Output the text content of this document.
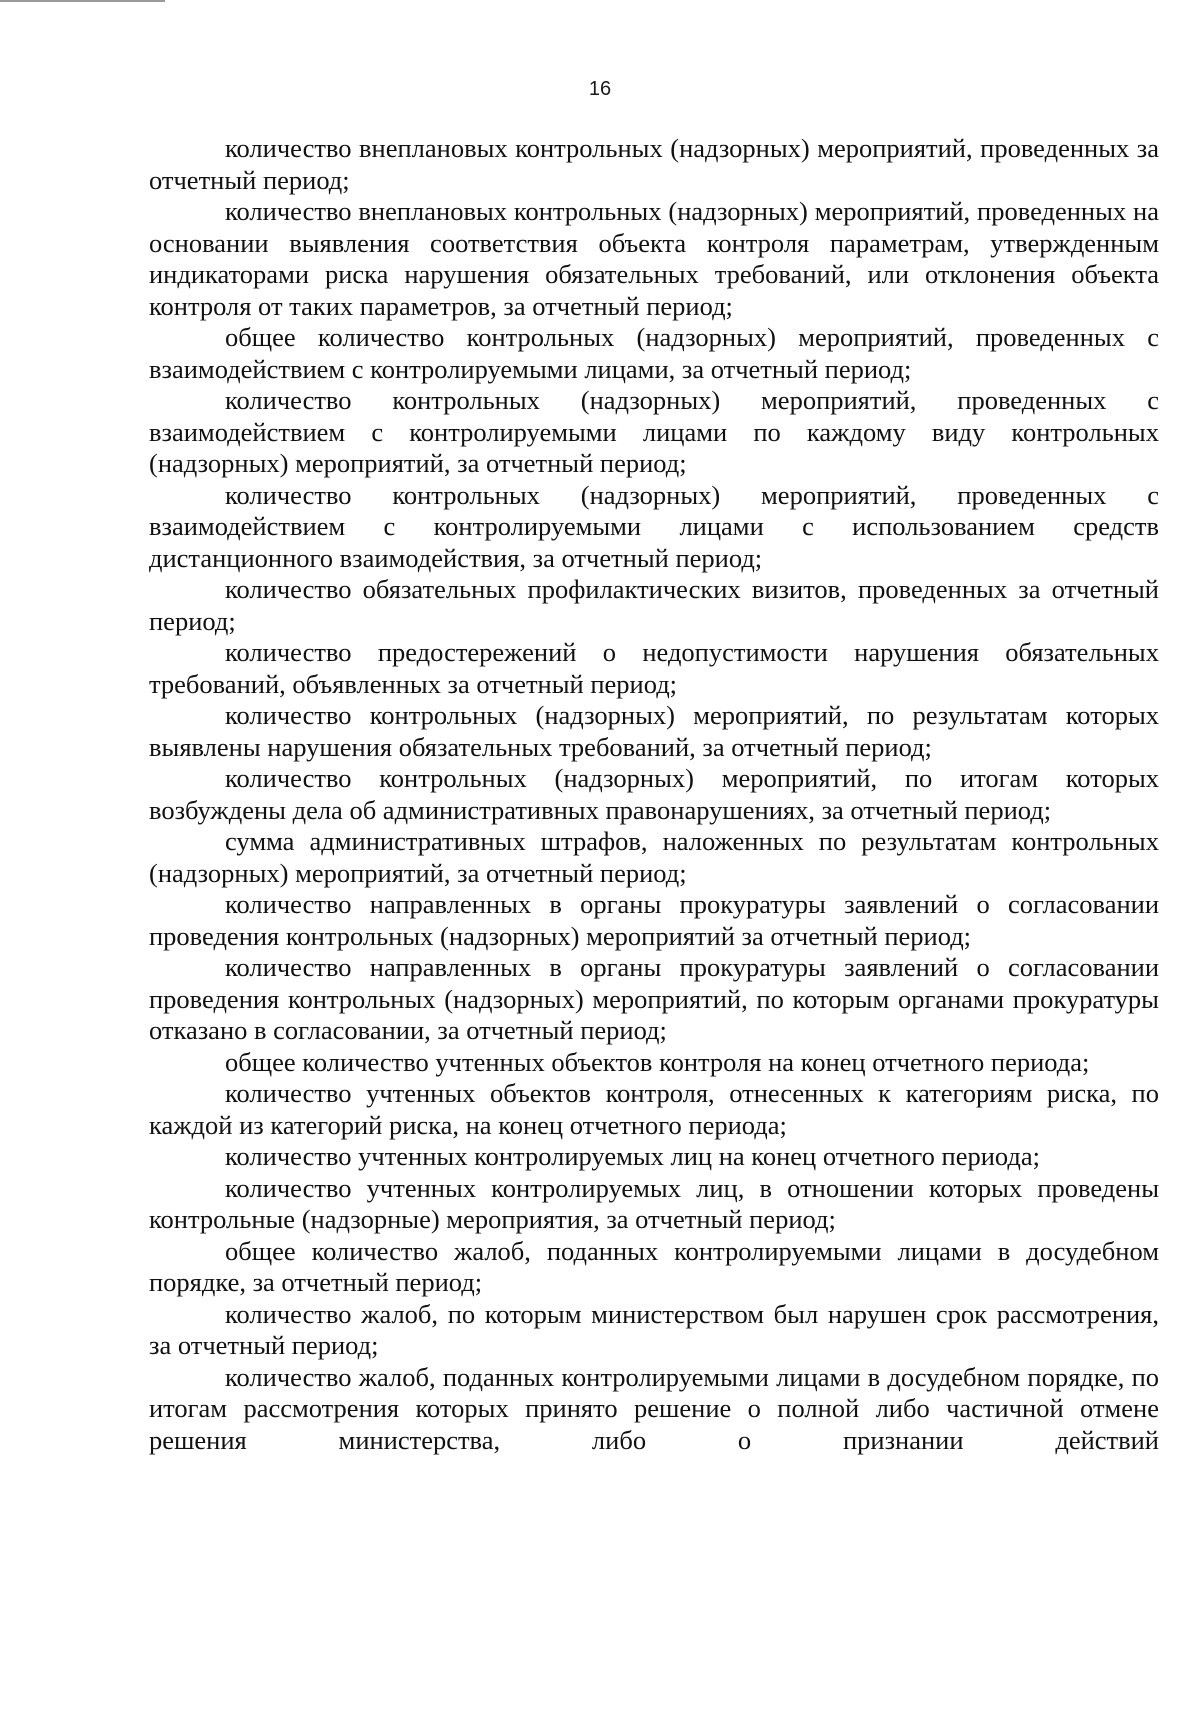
16

количество внеплановых контрольных (надзорных) мероприятий, проведенных за отчетный период;

количество внеплановых контрольных (надзорных) мероприятий, проведенных на основании выявления соответствия объекта контроля параметрам, утвержденным индикаторами риска нарушения обязательных требований, или отклонения объекта контроля от таких параметров, за отчетный период;

общее количество контрольных (надзорных) мероприятий, проведенных с взаимодействием с контролируемыми лицами, за отчетный период;

количество контрольных (надзорных) мероприятий, проведенных с взаимодействием с контролируемыми лицами по каждому виду контрольных (надзорных) мероприятий, за отчетный период;

количество контрольных (надзорных) мероприятий, проведенных с взаимодействием с контролируемыми лицами с использованием средств дистанционного взаимодействия, за отчетный период;

количество обязательных профилактических визитов, проведенных за отчетный период;

количество предостережений о недопустимости нарушения обязательных требований, объявленных за отчетный период;

количество контрольных (надзорных) мероприятий, по результатам которых выявлены нарушения обязательных требований, за отчетный период;

количество контрольных (надзорных) мероприятий, по итогам которых возбуждены дела об административных правонарушениях, за отчетный период;

сумма административных штрафов, наложенных по результатам контрольных (надзорных) мероприятий, за отчетный период;

количество направленных в органы прокуратуры заявлений о согласовании проведения контрольных (надзорных) мероприятий за отчетный период;

количество направленных в органы прокуратуры заявлений о согласовании проведения контрольных (надзорных) мероприятий, по которым органами прокуратуры отказано в согласовании, за отчетный период;

общее количество учтенных объектов контроля на конец отчетного периода;

количество учтенных объектов контроля, отнесенных к категориям риска, по каждой из категорий риска, на конец отчетного периода;

количество учтенных контролируемых лиц на конец отчетного периода;

количество учтенных контролируемых лиц, в отношении которых проведены контрольные (надзорные) мероприятия, за отчетный период;

общее количество жалоб, поданных контролируемыми лицами в досудебном порядке, за отчетный период;

количество жалоб, по которым министерством был нарушен срок рассмотрения, за отчетный период;

количество жалоб, поданных контролируемыми лицами в досудебном порядке, по итогам рассмотрения которых принято решение о полной либо частичной отмене решения министерства, либо о признании действий
